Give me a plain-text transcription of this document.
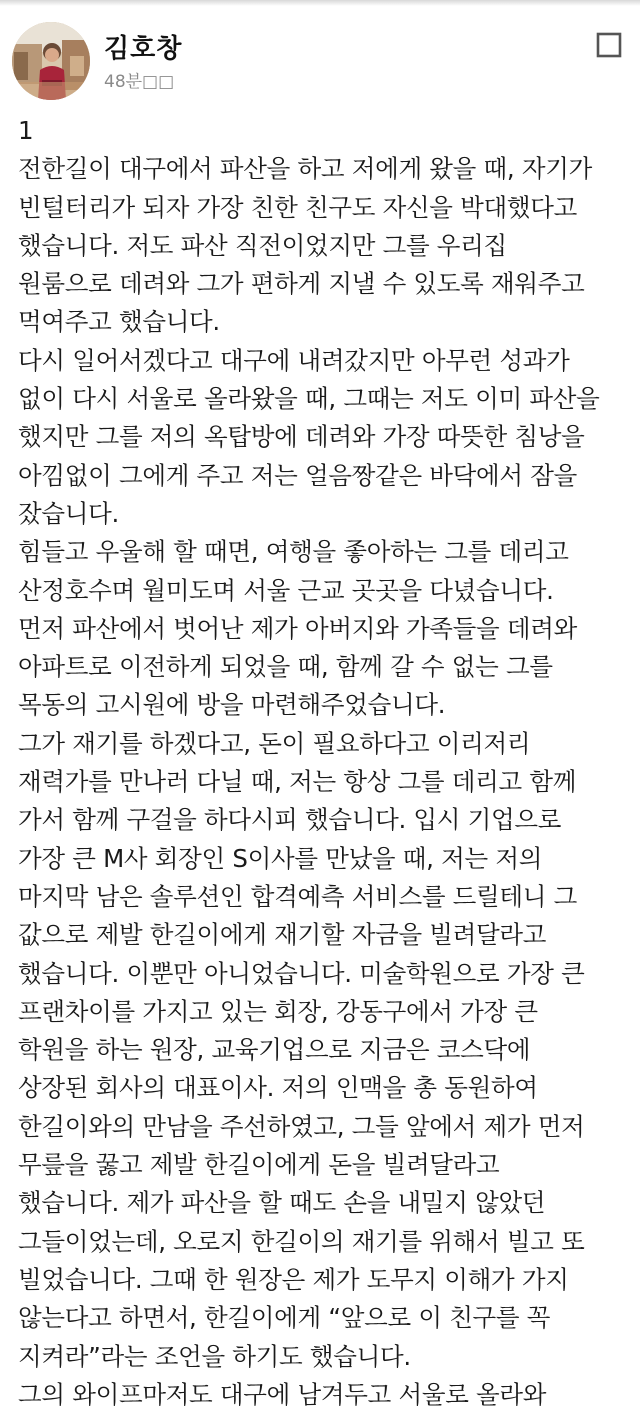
김호창
48분□□
1
전한길이 대구에서 파산을 하고 저에게 왔을 때, 자기가
빈털터리가 되자 가장 친한 친구도 자신을 박대했다고
했습니다. 저도 파산 직전이었지만 그를 우리집
원룸으로 데려와 그가 편하게 지낼 수 있도록 재워주고
먹여주고 했습니다.
다시 일어서겠다고 대구에 내려갔지만 아무런 성과가
없이 다시 서울로 올라왔을 때, 그때는 저도 이미 파산을
했지만 그를 저의 옥탑방에 데려와 가장 따뜻한 침낭을
아낌없이 그에게 주고 저는 얼음짱같은 바닥에서 잠을
잤습니다.
힘들고 우울해 할 때면, 여행을 좋아하는 그를 데리고
산정호수며 월미도며 서울 근교 곳곳을 다녔습니다.
먼저 파산에서 벗어난 제가 아버지와 가족들을 데려와
아파트로 이전하게 되었을 때, 함께 갈 수 없는 그를
목동의 고시원에 방을 마련해주었습니다.
그가 재기를 하겠다고, 돈이 필요하다고 이리저리
재력가를 만나러 다닐 때, 저는 항상 그를 데리고 함께
가서 함께 구걸을 하다시피 했습니다. 입시 기업으로
가장 큰 M사 회장인 S이사를 만났을 때, 저는 저의
마지막 남은 솔루션인 합격예측 서비스를 드릴테니 그
값으로 제발 한길이에게 재기할 자금을 빌려달라고
했습니다. 이뿐만 아니었습니다. 미술학원으로 가장 큰
프랜차이를 가지고 있는 회장, 강동구에서 가장 큰
학원을 하는 원장, 교육기업으로 지금은 코스닥에
상장된 회사의 대표이사. 저의 인맥을 총 동원하여
한길이와의 만남을 주선하였고, 그들 앞에서 제가 먼저
무릎을 꿇고 제발 한길이에게 돈을 빌려달라고
했습니다. 제가 파산을 할 때도 손을 내밀지 않았던
그들이었는데, 오로지 한길이의 재기를 위해서 빌고 또
빌었습니다. 그때 한 원장은 제가 도무지 이해가 가지
않는다고 하면서, 한길이에게 “앞으로 이 친구를 꼭
지켜라”라는 조언을 하기도 했습니다.
그의 와이프마저도 대구에 남겨두고 서울로 올라와
